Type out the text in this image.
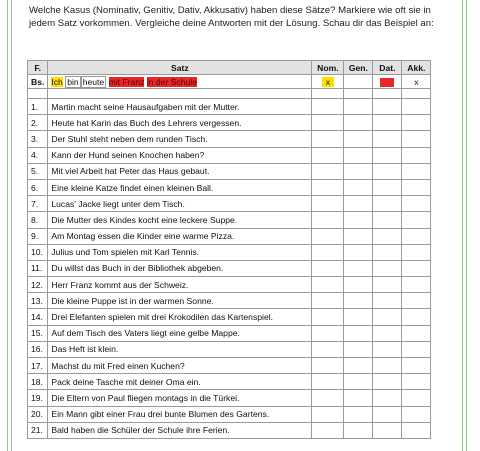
Welche Kasus (Nominativ, Genitiv, Dativ, Akkusativ) haben diese Sätze? Markiere wie oft sie in jedem Satz vorkommen. Vergleiche deine Antworten mit der Lösung. Schau dir das Beispiel an:
F.	Satz	Nom.	Gen.	Dat.	Akk.
Bs.	Ich bin heute mit Franz in der Schule	x			x

1.	Martin macht seine Hausaufgaben mit der Mutter.				
2.	Heute hat Karin das Buch des Lehrers vergessen.				
3.	Der Stuhl steht neben dem runden Tisch.				
4.	Kann der Hund seinen Knochen haben?				
5.	Mit viel Arbeit hat Peter das Haus gebaut.				
6.	Eine kleine Katze findet einen kleinen Ball.				
7.	Lucas' Jacke liegt unter dem Tisch.				
8.	Die Mutter des Kindes kocht eine leckere Suppe.				
9.	Am Montag essen die Kinder eine warme Pizza.				
10.	Julius und Tom spielen mit Karl Tennis.				
11.	Du willst das Buch in der Bibliothek abgeben.				
12.	Herr Franz kommt aus der Schweiz.				
13.	Die kleine Puppe ist in der warmen Sonne.				
14.	Drei Elefanten spielen mit drei Krokodilen das Kartenspiel.				
15.	Auf dem Tisch des Vaters liegt eine gelbe Mappe.				
16.	Das Heft ist klein.				
17.	Machst du mit Fred einen Kuchen?				
18.	Pack deine Tasche mit deiner Oma ein.				
19.	Die Eltern von Paul fliegen montags in die Türkei.				
20.	Ein Mann gibt einer Frau drei bunte Blumen des Gartens.				
21.	Bald haben die Schüler der Schule ihre Ferien.				
